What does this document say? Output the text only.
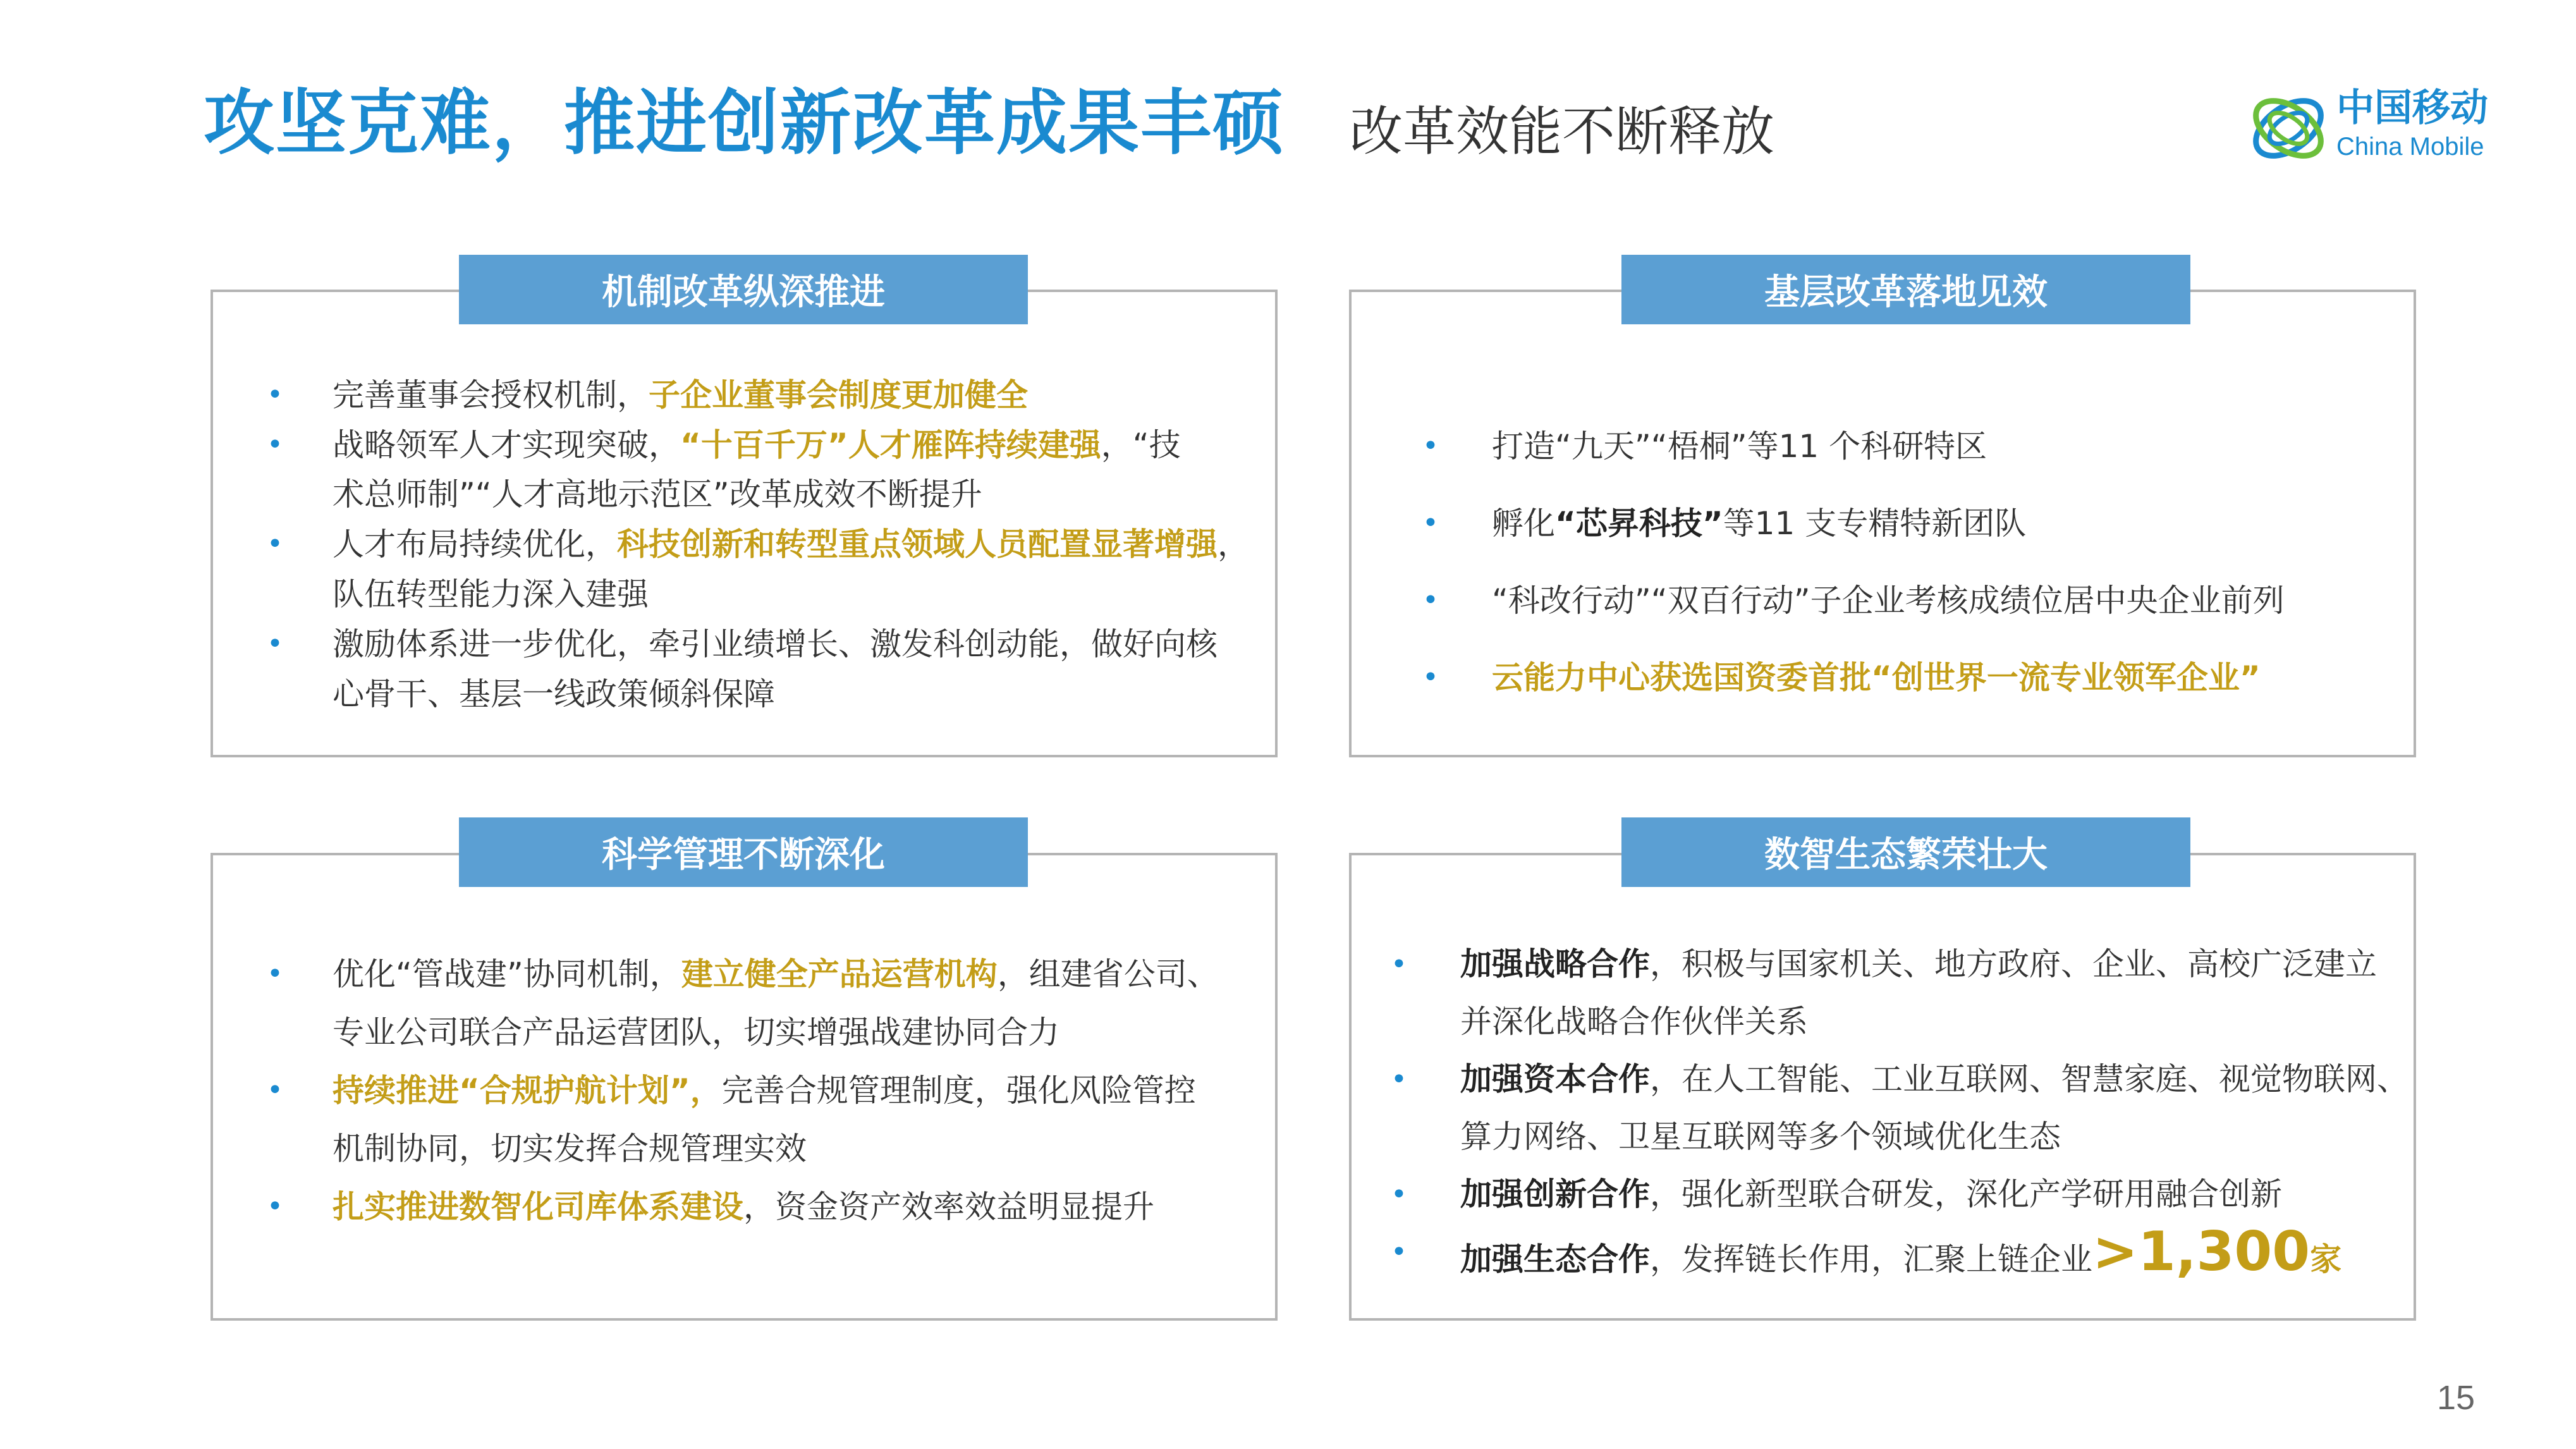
攻坚克难，推进创新改革成果丰硕 改革效能不断释放	中国移动
China Mobile
机制改革纵深推进
• 完善董事会授权机制，子企业董事会制度更加健全
• 战略领军人才实现突破，“十百千万”人才雁阵持续建强，“技
术总师制”“人才高地示范区”改革成效不断提升
• 人才布局持续优化，科技创新和转型重点领域人员配置显著增强，
队伍转型能力深入建强
• 激励体系进一步优化，牵引业绩增长、激发科创动能，做好向核
心骨干、基层一线政策倾斜保障
基层改革落地见效
• 打造“九天”“梧桐”等11 个科研特区
• 孵化“芯昇科技”等11 支专精特新团队
• “科改行动”“双百行动”子企业考核成绩位居中央企业前列
• 云能力中心获选国资委首批“创世界一流专业领军企业”
科学管理不断深化
• 优化“管战建”协同机制，建立健全产品运营机构，组建省公司、
专业公司联合产品运营团队，切实增强战建协同合力
• 持续推进“合规护航计划”，完善合规管理制度，强化风险管控
机制协同，切实发挥合规管理实效
• 扎实推进数智化司库体系建设，资金资产效率效益明显提升
数智生态繁荣壮大
• 加强战略合作，积极与国家机关、地方政府、企业、高校广泛建立
并深化战略合作伙伴关系
• 加强资本合作，在人工智能、工业互联网、智慧家庭、视觉物联网、
算力网络、卫星互联网等多个领域优化生态
• 加强创新合作，强化新型联合研发，深化产学研用融合创新
• 加强生态合作，发挥链长作用，汇聚上链企业>1,300家
15
